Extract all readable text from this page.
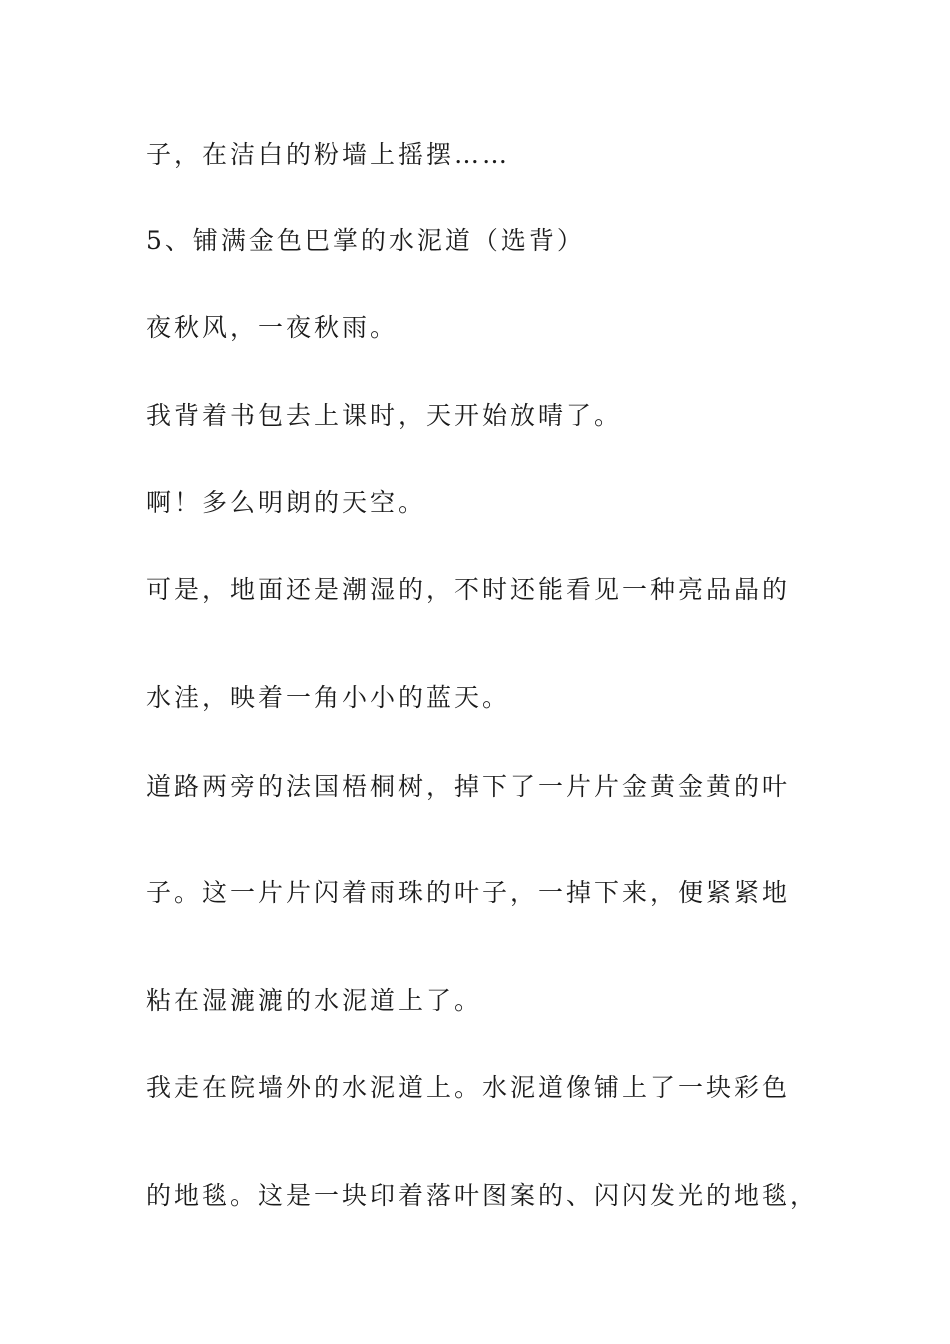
子，在洁白的粉墙上摇摆……

5、铺满金色巴掌的水泥道（选背）

夜秋风，一夜秋雨。

我背着书包去上课时，天开始放晴了。

啊！多么明朗的天空。

可是，地面还是潮湿的，不时还能看见一种亮品晶的

水洼，映着一角小小的蓝天。

道路两旁的法国梧桐树，掉下了一片片金黄金黄的叶

子。这一片片闪着雨珠的叶子，一掉下来，便紧紧地

粘在湿漉漉的水泥道上了。

我走在院墙外的水泥道上。水泥道像铺上了一块彩色

的地毯。这是一块印着落叶图案的、闪闪发光的地毯，
